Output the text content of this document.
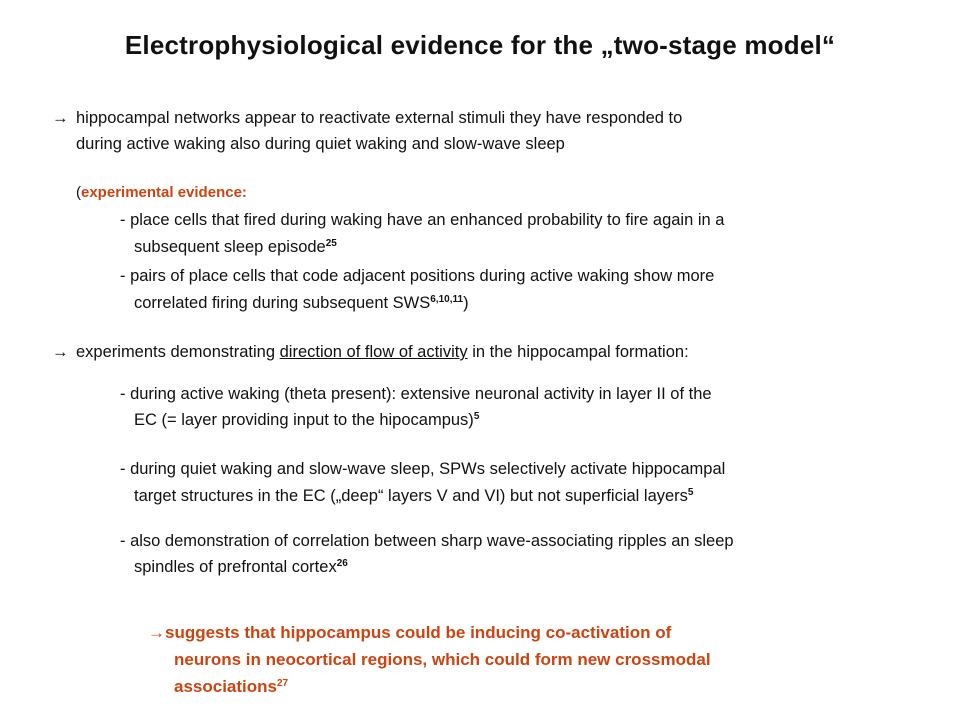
Electrophysiological evidence for the „two-stage model“
→ hippocampal networks appear to reactivate external stimuli they have responded to
during active waking also during quiet waking and slow-wave sleep
(experimental evidence:
- place cells that fired during waking have an enhanced probability to fire again in a
subsequent sleep episode$^{25}$
- pairs of place cells that code adjacent positions during active waking show more
correlated firing during subsequent SWS$^{6,10,11}$)
→ experiments demonstrating direction of flow of activity in the hippocampal formation:
- during active waking (theta present): extensive neuronal activity in layer II of the
EC (= layer providing input to the hipocampus)$^5$
- during quiet waking and slow-wave sleep, SPWs selectively activate hippocampal
target structures in the EC („deep“ layers V and VI) but not superficial layers$^5$
- also demonstration of correlation between sharp wave-associating ripples an sleep
spindles of prefrontal cortex$^{26}$
→suggests that hippocampus could be inducing co-activation of
neurons in neocortical regions, which could form new crossmodal
associations$^{27}$
